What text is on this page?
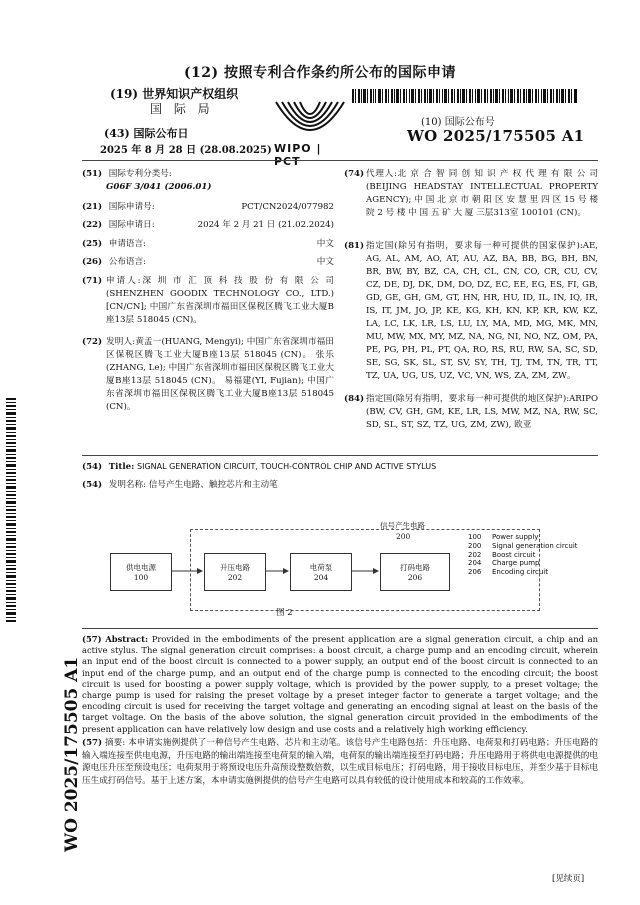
(12) 按照专利合作条约所公布的国际申请
(19) 世界知识产权组织
国 际 局
(43) 国际公布日
2025 年 8 月 28 日 (28.08.2025) WIPO | PCT
(10) 国际公布号
WO 2025/175505 A1
WO 2025/175505 A1
(51) 国际专利分类号:
G06F 3/041 (2006.01)
(21) 国际申请号:	PCT/CN2024/077982
(22) 国际申请日:	2024 年 2 月 21 日 (21.02.2024)
(25) 申请语言:	中文
(26) 公布语言:	中文
(71) 申请人:深 圳 市 汇 顶 科 技 股 份 有 限 公 司 (SHENZHEN GOODIX TECHNOLOGY CO., LTD.) [CN/CN]; 中国广东省深圳市福田区保税区腾飞工业大厦B座13层 518045 (CN)。
(72) 发明人:黄孟一(HUANG, Mengyi); 中国广东省深圳市福田区保税区腾飞工业大厦B座13层 518045 (CN)。 张乐(ZHANG, Le); 中国广东省深圳市福田区保税区腾飞工业大厦B座13层 518045 (CN)。 易福建(YI, Fujian); 中国广东省深圳市福田区保税区腾飞工业大厦B座13层 518045 (CN)。
(74) 代理人:北 京 合 智 同 创 知 识 产 权 代 理 有 限 公 司 (BEIJING HEADSTAY INTELLECTUAL PROPERTY AGENCY); 中 国 北 京 市 朝 阳 区 安 慧 里 四 区 15 号 楼 院 2 号 楼 中 国 五 矿 大 厦 三层313室 100101 (CN)。
(81) 指定国(除另有指明，要求每一种可提供的国家保护):AE, AG, AL, AM, AO, AT, AU, AZ, BA, BB, BG, BH, BN, BR, BW, BY, BZ, CA, CH, CL, CN, CO, CR, CU, CV, CZ, DE, DJ, DK, DM, DO, DZ, EC, EE, EG, ES, FI, GB, GD, GE, GH, GM, GT, HN, HR, HU, ID, IL, IN, IQ, IR, IS, IT, JM, JO, JP, KE, KG, KH, KN, KP, KR, KW, KZ, LA, LC, LK, LR, LS, LU, LY, MA, MD, MG, MK, MN, MU, MW, MX, MY, MZ, NA, NG, NI, NO, NZ, OM, PA, PE, PG, PH, PL, PT, QA, RO, RS, RU, RW, SA, SC, SD, SE, SG, SK, SL, ST, SV, SY, TH, TJ, TM, TN, TR, TT, TZ, UA, UG, US, UZ, VC, VN, WS, ZA, ZM, ZW。
(84) 指定国(除另有指明，要求每一种可提供的地区保护):ARIPO (BW, CV, GH, GM, KE, LR, LS, MW, MZ, NA, RW, SC, SD, SL, ST, SZ, TZ, UG, ZM, ZW), 欧亚
(54) Title: SIGNAL GENERATION CIRCUIT, TOUCH-CONTROL CHIP AND ACTIVE STYLUS
(54) 发明名称: 信号产生电路、触控芯片和主动笔
信号产生电路
200
供电电源
100
升压电路
202
电荷泵
204
打码电路
206
100 Power supply
200 Signal generation circuit
202 Boost circuit
204 Charge pump
206 Encoding circuit
图 2
(57) Abstract: Provided in the embodiments of the present application are a signal generation circuit, a chip and an active stylus. The signal generation circuit comprises: a boost circuit, a charge pump and an encoding circuit, wherein an input end of the boost circuit is connected to a power supply, an output end of the boost circuit is connected to an input end of the charge pump, and an output end of the charge pump is connected to the encoding circuit; the boost circuit is used for boosting a power supply voltage, which is provided by the power supply, to a preset voltage; the charge pump is used for raising the preset voltage by a preset integer factor to generate a target voltage; and the encoding circuit is used for receiving the target voltage and generating an encoding signal at least on the basis of the target voltage. On the basis of the above solution, the signal generation circuit provided in the embodiments of the present application can have relatively low design and use costs and a relatively high working efficiency.
(57) 摘要: 本申请实施例提供了一种信号产生电路、芯片和主动笔。该信号产生电路包括：升压电路、电荷泵和打码电路；升压电路的输入端连接至供电电源，升压电路的输出端连接至电荷泵的输入端，电荷泵的输出端连接至打码电路；升压电路用于将供电电源提供的电源电压升压至预设电压；电荷泵用于将预设电压升高预设整数倍数，以生成目标电压；打码电路，用于接收目标电压，并至少基于目标电压生成打码信号。基于上述方案，本申请实施例提供的信号产生电路可以具有较低的设计使用成本和较高的工作效率。
[见续页]
